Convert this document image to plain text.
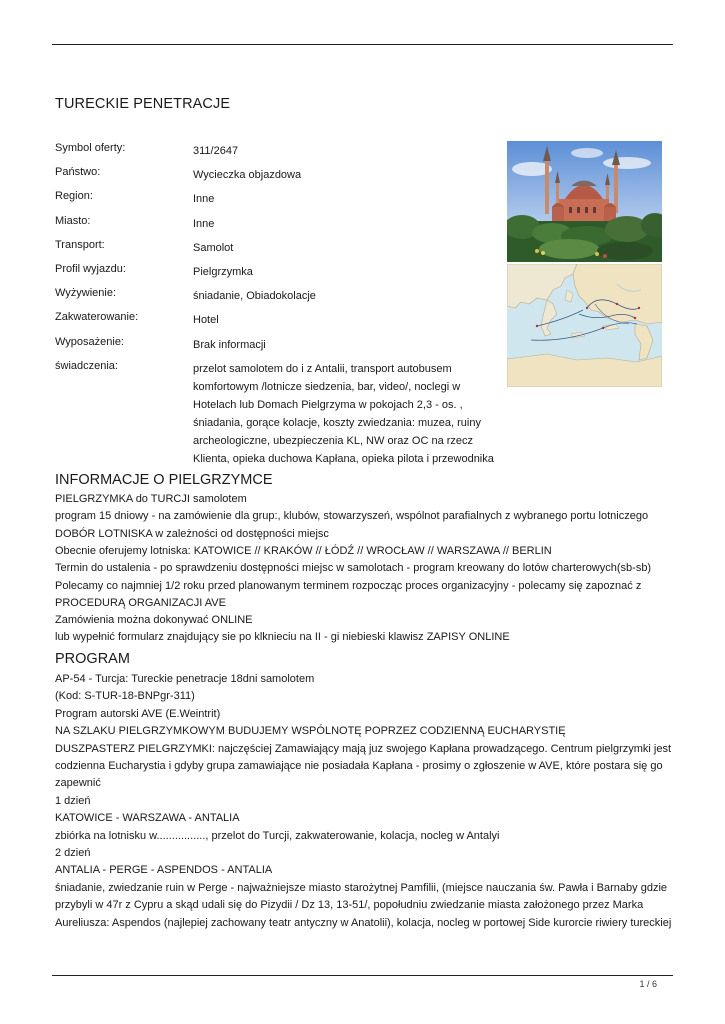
TURECKIE PENETRACJE
Symbol oferty:	311/2647
Państwo:	Wycieczka objazdowa
Region:	Inne
Miasto:	Inne
Transport:	Samolot
Profil wyjazdu:	Pielgrzymka
Wyżywienie:	śniadanie, Obiadokolacje
Zakwaterowanie:	Hotel
Wyposażenie:	Brak informacji
świadczenia:	przelot samolotem do i z Antalii, transport autobusem
komfortowym /lotnicze siedzenia, bar, video/, noclegi w
Hotelach lub Domach Pielgrzyma w pokojach 2,3 - os. ,
śniadania, gorące kolacje, koszty zwiedzania: muzea, ruiny
archeologiczne, ubezpieczenia KL, NW oraz OC na rzecz
Klienta, opieka duchowa Kapłana, opieka pilota i przewodnika
INFORMACJE O PIELGRZYMCE
PIELGRZYMKA do TURCJI samolotem
program 15 dniowy - na zamówienie dla grup:, klubów, stowarzyszeń, wspólnot parafialnych z wybranego portu lotniczego
DOBÓR LOTNISKA w zależności od dostępności miejsc
Obecnie oferujemy lotniska: KATOWICE // KRAKÓW // ŁÓDŹ // WROCŁAW // WARSZAWA // BERLIN
Termin do ustalenia - po sprawdzeniu dostępności miejsc w samolotach - program kreowany do lotów charterowych(sb-sb)
Polecamy co najmniej 1/2 roku przed planowanym terminem rozpocząc proces organizacyjny - polecamy się zapoznać z
PROCEDURĄ ORGANIZACJI AVE
Zamówienia można dokonywać ONLINE
lub wypełnić formularz znajdujący sie po klknieciu na II - gi niebieski klawisz ZAPISY ONLINE
PROGRAM
AP-54 - Turcja: Tureckie penetracje 18dni samolotem
(Kod: S-TUR-18-BNPgr-311)
Program autorski AVE (E.Weintrit)
NA SZLAKU PIELGRZYMKOWYM BUDUJEMY WSPÓLNOTĘ POPRZEZ CODZIENNĄ EUCHARYSTIĘ
DUSZPASTERZ PIELGRZYMKI: najczęściej Zamawiający mają juz swojego Kapłana prowadzącego. Centrum pielgrzymki jest
codzienna Eucharystia i gdyby grupa zamawiające nie posiadała Kapłana - prosimy o zgłoszenie w AVE, które postara się go
zapewnić
1 dzień
KATOWICE - WARSZAWA - ANTALIA
zbiórka na lotnisku w................, przelot do Turcji, zakwaterowanie, kolacja, nocleg w Antalyi
2 dzień
ANTALIA - PERGE - ASPENDOS - ANTALIA
śniadanie, zwiedzanie ruin w Perge - najważniejsze miasto starożytnej Pamfilii, (miejsce nauczania św. Pawła i Barnaby gdzie
przybyli w 47r z Cypru a skąd udali się do Pizydii / Dz 13, 13-51/, popołudniu zwiedzanie miasta założonego przez Marka
Aureliusza: Aspendos (najlepiej zachowany teatr antyczny w Anatolii), kolacja, nocleg w portowej Side kurorcie riwiery tureckiej
1 / 6
